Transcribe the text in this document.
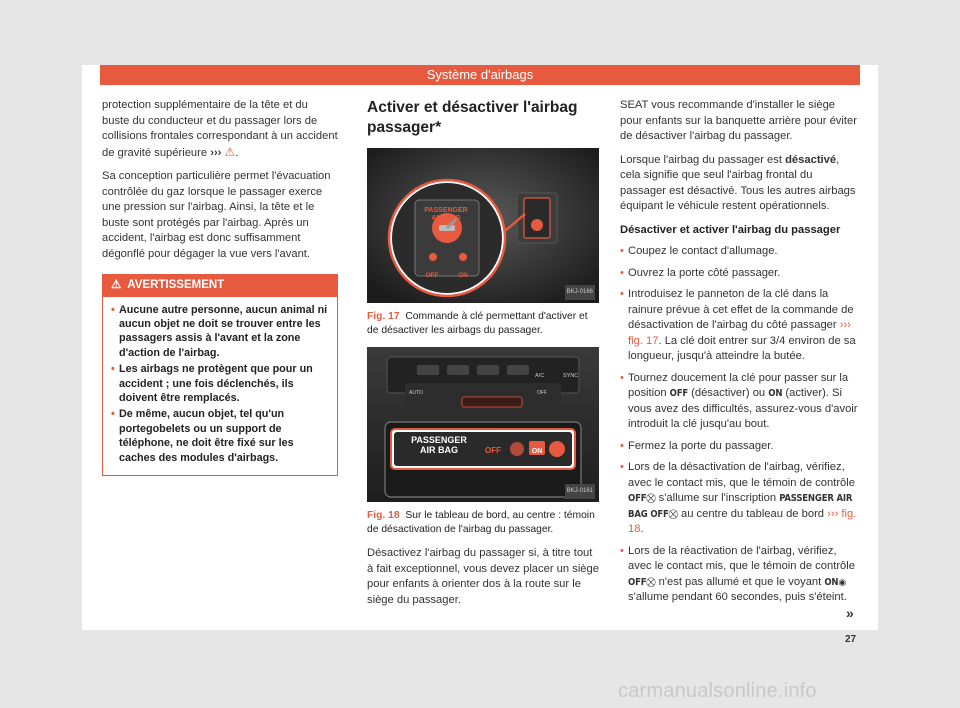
Système d'airbags

protection supplémentaire de la tête et du buste du conducteur et du passager lors de collisions frontales correspondant à un accident de gravité supérieure ››› ⚠.

Sa conception particulière permet l'évacuation contrôlée du gaz lorsque le passager exerce une pression sur l'airbag. Ainsi, la tête et le buste sont protégés par l'airbag. Après un accident, l'airbag est donc suffisamment dégonflé pour dégager la vue vers l'avant.

⚠ AVERTISSEMENT
• Aucune autre personne, aucun animal ni aucun objet ne doit se trouver entre les passagers assis à l'avant et la zone d'action de l'airbag.
• Les airbags ne protègent que pour un accident ; une fois déclenchés, ils doivent être remplacés.
• De même, aucun objet, tel qu'un portegobelets ou un support de téléphone, ne doit être fixé sur les caches des modules d'airbags.
Activer et désactiver l'airbag passager*
PASSENGER
AIR BAG
OFF	ON
BKJ-0166
Fig. 17 Commande à clé permettant d'activer et de désactiver les airbags du passager.
SYNC
A/C
AUTO	OFF
PASSENGER
AIR BAG	OFF	ON
BKJ-0161
Fig. 18 Sur le tableau de bord, au centre : témoin de désactivation de l'airbag du passager.

Désactivez l'airbag du passager si, à titre tout à fait exceptionnel, vous devez placer un siège pour enfants à orienter dos à la route sur le siège du passager.

SEAT vous recommande d'installer le siège pour enfants sur la banquette arrière pour éviter de désactiver l'airbag du passager.

Lorsque l'airbag du passager est désactivé, cela signifie que seul l'airbag frontal du passager est désactivé. Tous les autres airbags équipant le véhicule restent opérationnels.

Désactiver et activer l'airbag du passager
• Coupez le contact d'allumage.
• Ouvrez la porte côté passager.
• Introduisez le panneton de la clé dans la rainure prévue à cet effet de la commande de désactivation de l'airbag du côté passager ››› fig. 17. La clé doit entrer sur 3/4 environ de sa longueur, jusqu'à atteindre la butée.
• Tournez doucement la clé pour passer sur la position OFF (désactiver) ou ON (activer). Si vous avez des difficultés, assurez-vous d'avoir introduit la clé jusqu'au bout.
• Fermez la porte du passager.
• Lors de la désactivation de l'airbag, vérifiez, avec le contact mis, que le témoin de contrôle OFF⛒ s'allume sur l'inscription PASSENGER AIR BAG OFF⛒ au centre du tableau de bord ››› fig. 18.
• Lors de la réactivation de l'airbag, vérifiez, avec le contact mis, que le témoin de contrôle OFF⛒ n'est pas allumé et que le voyant ON◉ s'allume pendant 60 secondes, puis s'éteint.
»
27
carmanualsonline.info
